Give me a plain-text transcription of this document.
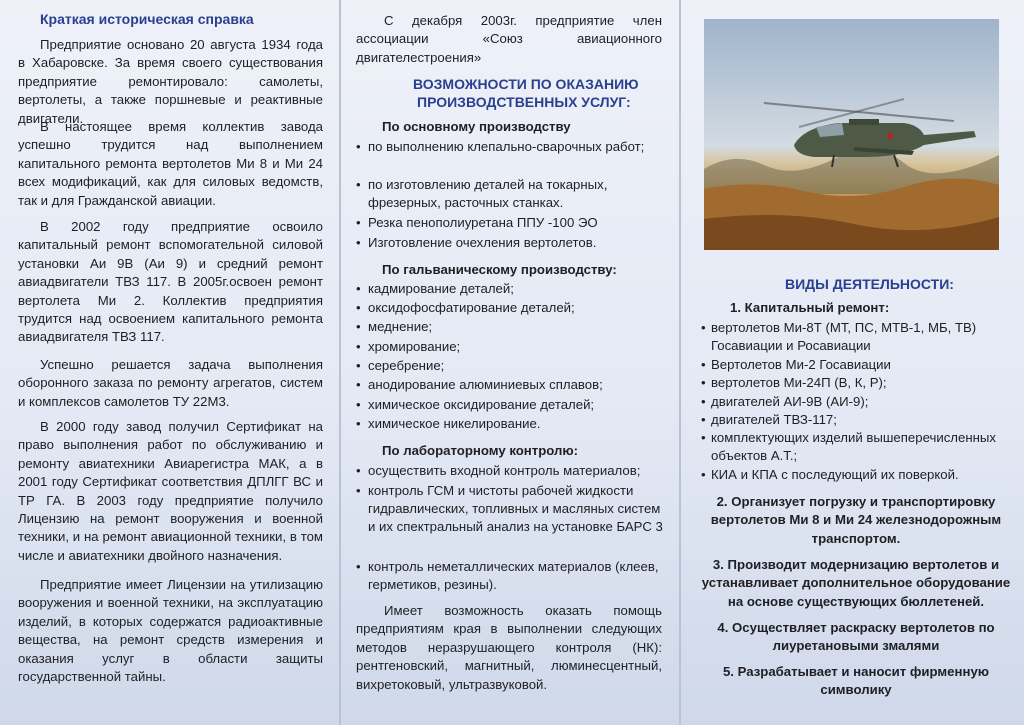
Краткая историческая справка

Предприятие основано 20 августа 1934 года в Хабаровске. За время своего существования предприятие ремонтировало: самолеты, вертолеты, а также поршневые и реактивные двигатели.

В настоящее время коллектив завода успешно трудится над выполнением капитального ремонта вертолетов Ми 8 и Ми 24 всех модификаций, как для силовых ведомств, так и для Гражданской авиации.

В 2002 году предприятие освоило капитальный ремонт вспомогательной силовой установки Аи 9В (Аи 9) и средний ремонт авиадвигатели ТВЗ 117. В 2005г.освоен ремонт вертолета Ми 2. Коллектив предприятия трудится над освоением капитального ремонта авиадвигателя ТВЗ 117.

Успешно решается задача выполнения оборонного заказа по ремонту агрегатов, систем и комплексов самолетов ТУ 22М3.

В 2000 году завод получил Сертификат на право выполнения работ по обслуживанию и ремонту авиатехники Авиарегистра МАК, а в 2001 году Сертификат соответствия ДПЛГГ ВС и ТР ГА. В 2003 году предприятие получило Лицензию на ремонт вооружения и военной техники, и на ремонт авиационной техники, в том числе и авиатехники двойного назначения.

Предприятие имеет Лицензии на утилизацию вооружения и военной техники, на эксплуатацию изделий, в которых содержатся радиоактивные вещества, на ремонт средств измерения и оказания услуг в области защиты государственной тайны.

С декабря 2003г. предприятие член ассоциации «Союз авиационного двигателестроения»

ВОЗМОЖНОСТИ ПО ОКАЗАНИЮ
ПРОИЗВОДСТВЕННЫХ УСЛУГ:
По основному производству
• по выполнению клепально-сварочных работ;
• по изготовлению деталей на токарных, фрезерных, расточных станках.
• Резка пенополиуретана ППУ -100 ЭО
• Изготовление очехления вертолетов.
По гальваническому производству:
• кадмирование деталей;
• оксидофосфатирование деталей;
• меднение;
• хромирование;
• серебрение;
• анодирование алюминиевых сплавов;
• химическое оксидирование деталей;
• химическое никелирование.
По лабораторному контролю:
• осуществить входной контроль материалов;
• контроль ГСМ и чистоты рабочей жидкости гидравлических, топливных и масляных систем и их спектральный анализ на установке БАРС 3
• контроль неметаллических материалов (клеев, герметиков, резины).

Имеет возможность оказать помощь предприятиям края в выполнении следующих методов неразрушающего контроля (НК): рентгеновский, магнитный, люминесцентный, вихретоковый, ультразвуковой.

ВИДЫ ДЕЯТЕЛЬНОСТИ:
1. Капитальный ремонт:
• вертолетов Ми-8Т (МТ, ПС, МТВ-1, МБ, ТВ) Госавиации и Росавиации
• Вертолетов Ми-2 Госавиации
• вертолетов Ми-24П (В, К, Р);
• двигателей АИ-9В (АИ-9);
• двигателей ТВЗ-117;
• комплектующих изделий вышеперечисленных объектов А.Т.;
• КИА и КПА с последующий их поверкой.
2. Организует погрузку и транспортировку вертолетов Ми 8 и Ми 24 железнодорожным транспортом.
3. Производит модернизацию вертолетов и устанавливает дополнительное оборудование на основе существующих бюллетеней.
4. Осуществляет раскраску вертолетов по лиуретановыми змалями
5. Разрабатывает и наносит фирменную символику
